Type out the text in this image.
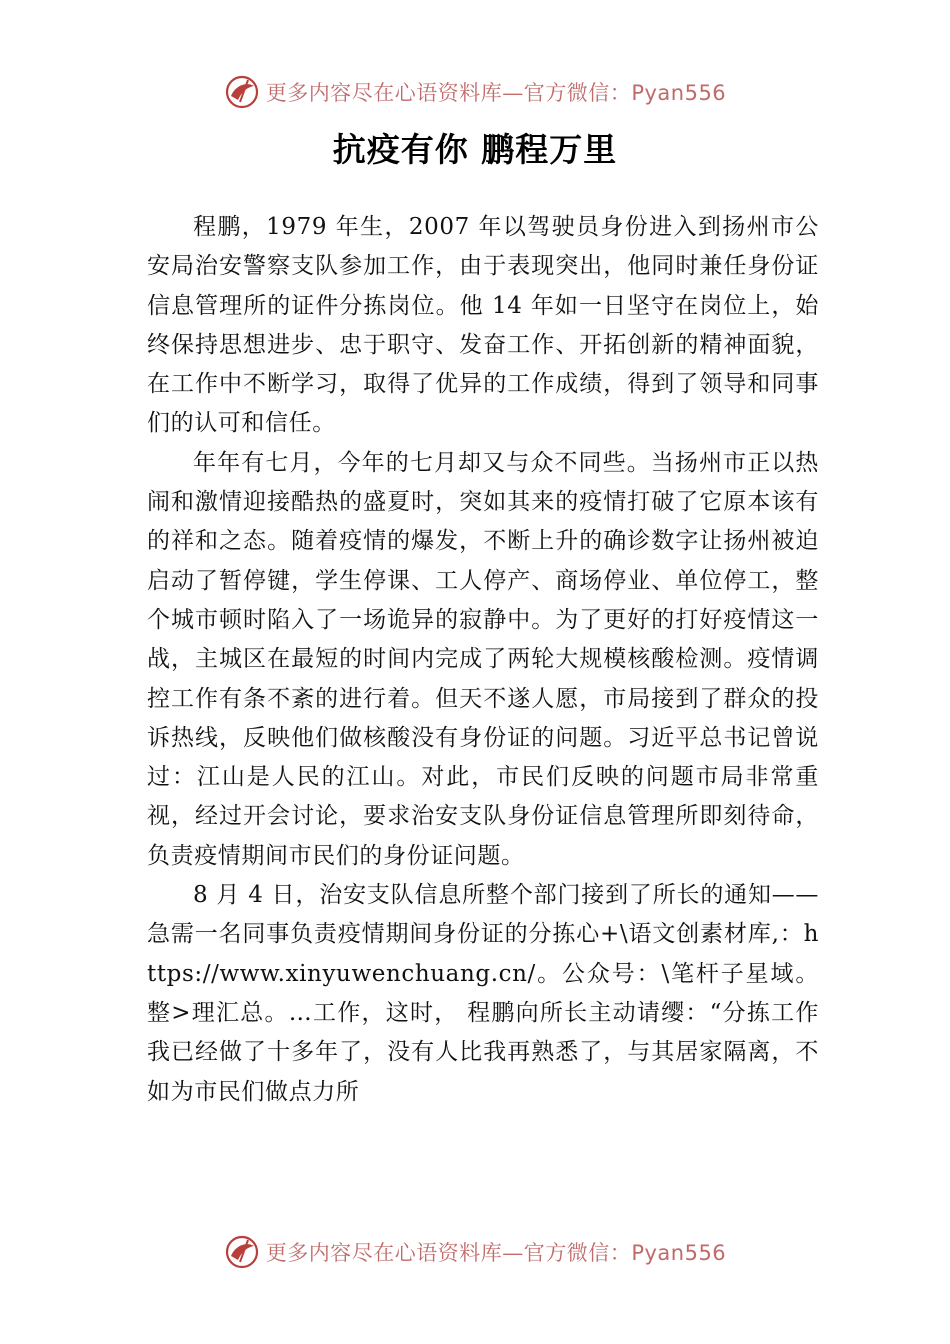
更多内容尽在心语资料库—官方微信：Pyan556
抗疫有你 鹏程万里

程鹏，1979 年生，2007 年以驾驶员身份进入到扬州市公安局治安警察支队参加工作，由于表现突出，他同时兼任身份证信息管理所的证件分拣岗位。他 14 年如一日坚守在岗位上，始终保持思想进步、忠于职守、发奋工作、开拓创新的精神面貌，在工作中不断学习，取得了优异的工作成绩，得到了领导和同事们的认可和信任。

年年有七月，今年的七月却又与众不同些。当扬州市正以热闹和激情迎接酷热的盛夏时，突如其来的疫情打破了它原本该有的祥和之态。随着疫情的爆发，不断上升的确诊数字让扬州被迫启动了暂停键，学生停课、工人停产、商场停业、单位停工，整个城市顿时陷入了一场诡异的寂静中。为了更好的打好疫情这一战，主城区在最短的时间内完成了两轮大规模核酸检测。疫情调控工作有条不紊的进行着。但天不遂人愿，市局接到了群众的投诉热线，反映他们做核酸没有身份证的问题。习近平总书记曾说过：江山是人民的江山。对此，市民们反映的问题市局非常重视，经过开会讨论，要求治安支队身份证信息管理所即刻待命，负责疫情期间市民们的身份证问题。

8 月 4 日，治安支队信息所整个部门接到了所长的通知——急需一名同事负责疫情期间身份证的分拣心+\语文创素材库,：https://www.xinyuwenchuang.cn/。公众号：\笔杆子星域。整>理汇总。…工作，这时， 程鹏向所长主动请缨：“分拣工作我已经做了十多年了，没有人比我再熟悉了，与其居家隔离，不如为市民们做点力所

更多内容尽在心语资料库—官方微信：Pyan556
